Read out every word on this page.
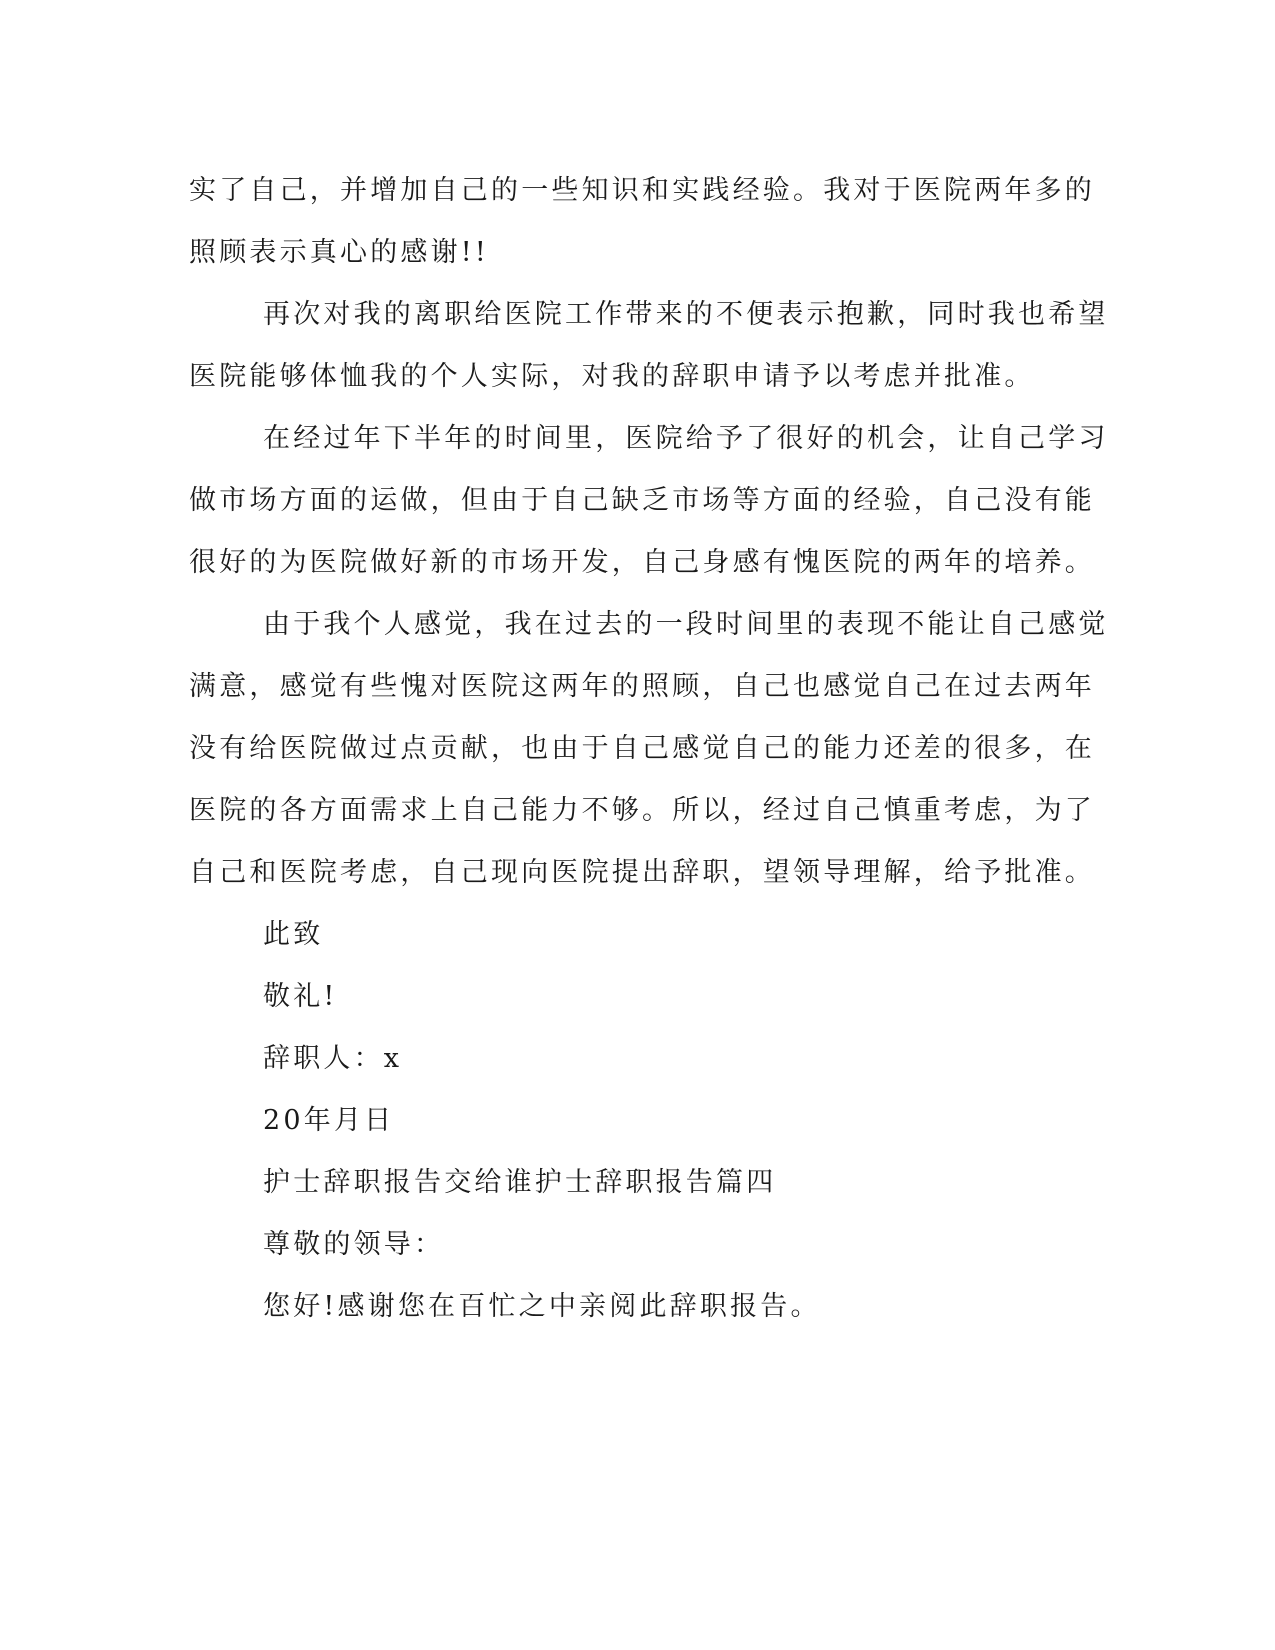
实了自己，并增加自己的一些知识和实践经验。我对于医院两年多的
照顾表示真心的感谢!!

再次对我的离职给医院工作带来的不便表示抱歉，同时我也希望
医院能够体恤我的个人实际，对我的辞职申请予以考虑并批准。

在经过年下半年的时间里，医院给予了很好的机会，让自己学习
做市场方面的运做，但由于自己缺乏市场等方面的经验，自己没有能
很好的为医院做好新的市场开发，自己身感有愧医院的两年的培养。

由于我个人感觉，我在过去的一段时间里的表现不能让自己感觉
满意，感觉有些愧对医院这两年的照顾，自己也感觉自己在过去两年
没有给医院做过点贡献，也由于自己感觉自己的能力还差的很多，在
医院的各方面需求上自己能力不够。所以，经过自己慎重考虑，为了
自己和医院考虑，自己现向医院提出辞职，望领导理解，给予批准。

此致

敬礼!

辞职人：x

20年月日

护士辞职报告交给谁护士辞职报告篇四

尊敬的领导：

您好!感谢您在百忙之中亲阅此辞职报告。
